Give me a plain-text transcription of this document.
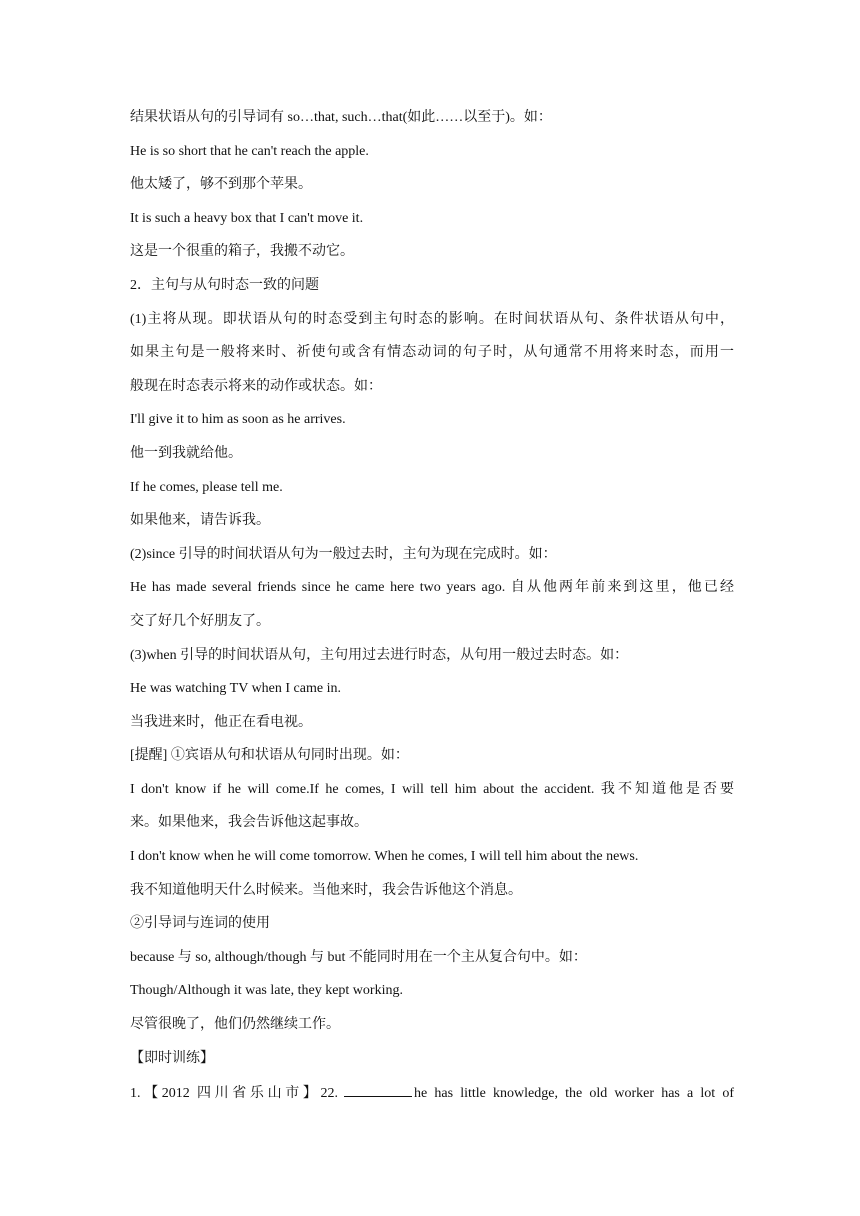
结果状语从句的引导词有 so…that, such…that(如此……以至于)。如：
He is so short that he can't reach the apple.
他太矮了，够不到那个苹果。
It is such a heavy box that I can't move it.
这是一个很重的箱子，我搬不动它。
2．主句与从句时态一致的问题
(1)主将从现。即状语从句的时态受到主句时态的影响。在时间状语从句、条件状语从句中，
如果主句是一般将来时、祈使句或含有情态动词的句子时，从句通常不用将来时态，而用一
般现在时态表示将来的动作或状态。如：
I'll give it to him as soon as he arrives.
他一到我就给他。
If he comes, please tell me.
如果他来，请告诉我。
(2)since 引导的时间状语从句为一般过去时，主句为现在完成时。如：
He has made several friends since he came here two years ago. 自从他两年前来到这里，他已经
交了好几个好朋友了。
(3)when 引导的时间状语从句，主句用过去进行时态，从句用一般过去时态。如：
He was watching TV when I came in.
当我进来时，他正在看电视。
[提醒] ①宾语从句和状语从句同时出现。如：
I don't know if he will come.If he comes, I will tell him about the accident. 我不知道他是否要
来。如果他来，我会告诉他这起事故。
I don't know when he will come tomorrow. When he comes, I will tell him about the news.
我不知道他明天什么时候来。当他来时，我会告诉他这个消息。
②引导词与连词的使用
because 与 so, although/though 与 but 不能同时用在一个主从复合句中。如：
Though/Although it was late, they kept working.
尽管很晚了，他们仍然继续工作。
【即时训练】
1.【2012 四川省乐山市】22.	he has little knowledge, the old worker has a lot of
